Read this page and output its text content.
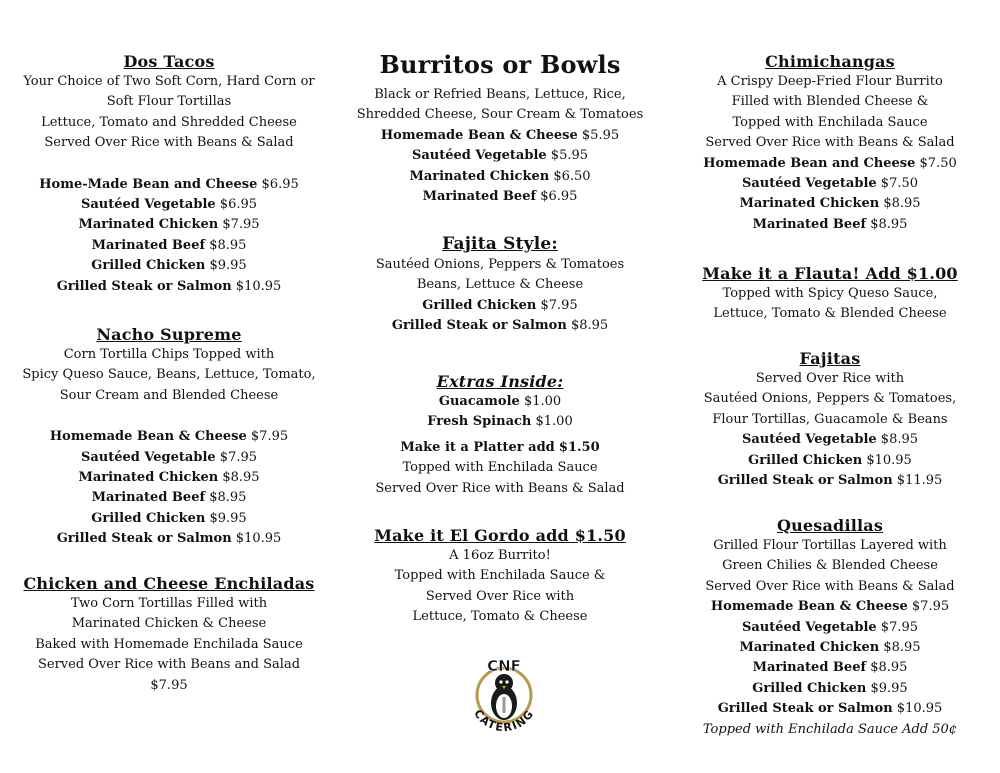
Dos Tacos

Your Choice of Two Soft Corn, Hard Corn or

Soft Flour Tortillas

Lettuce, Tomato and Shredded Cheese

Served Over Rice with Beans & Salad

Home-Made Bean and Cheese $6.95

Sautéed Vegetable $6.95

Marinated Chicken $7.95

Marinated Beef $8.95

Grilled Chicken $9.95

Grilled Steak or Salmon $10.95

Nacho Supreme

Corn Tortilla Chips Topped with

Spicy Queso Sauce, Beans, Lettuce, Tomato,

Sour Cream and Blended Cheese

Homemade Bean & Cheese $7.95

Sautéed Vegetable $7.95

Marinated Chicken $8.95

Marinated Beef $8.95

Grilled Chicken $9.95

Grilled Steak or Salmon $10.95

Chicken and Cheese Enchiladas

Two Corn Tortillas Filled with

Marinated Chicken & Cheese

Baked with Homemade Enchilada Sauce

Served Over Rice with Beans and Salad

$7.95

Burritos or Bowls

Black or Refried Beans, Lettuce, Rice,

Shredded Cheese, Sour Cream & Tomatoes

Homemade Bean & Cheese $5.95

Sautéed Vegetable $5.95

Marinated Chicken $6.50

Marinated Beef $6.95

Fajita Style:

Sautéed Onions, Peppers & Tomatoes

Beans, Lettuce & Cheese

Grilled Chicken $7.95

Grilled Steak or Salmon $8.95

Extras Inside:

Guacamole $1.00

Fresh Spinach $1.00

Make it a Platter add $1.50

Topped with Enchilada Sauce

Served Over Rice with Beans & Salad

Make it El Gordo add $1.50

A 16oz Burrito!

Topped with Enchilada Sauce &

Served Over Rice with

Lettuce, Tomato & Cheese

CNF
CATERING
Chimichangas

A Crispy Deep-Fried Flour Burrito

Filled with Blended Cheese &

Topped with Enchilada Sauce

Served Over Rice with Beans & Salad

Homemade Bean and Cheese $7.50

Sautéed Vegetable $7.50

Marinated Chicken $8.95

Marinated Beef $8.95

Make it a Flauta! Add $1.00

Topped with Spicy Queso Sauce,

Lettuce, Tomato & Blended Cheese

Fajitas

Served Over Rice with

Sautéed Onions, Peppers & Tomatoes,

Flour Tortillas, Guacamole & Beans

Sautéed Vegetable $8.95

Grilled Chicken $10.95

Grilled Steak or Salmon $11.95

Quesadillas

Grilled Flour Tortillas Layered with

Green Chilies & Blended Cheese

Served Over Rice with Beans & Salad

Homemade Bean & Cheese $7.95

Sautéed Vegetable $7.95

Marinated Chicken $8.95

Marinated Beef $8.95

Grilled Chicken $9.95

Grilled Steak or Salmon $10.95

Topped with Enchilada Sauce Add 50¢
